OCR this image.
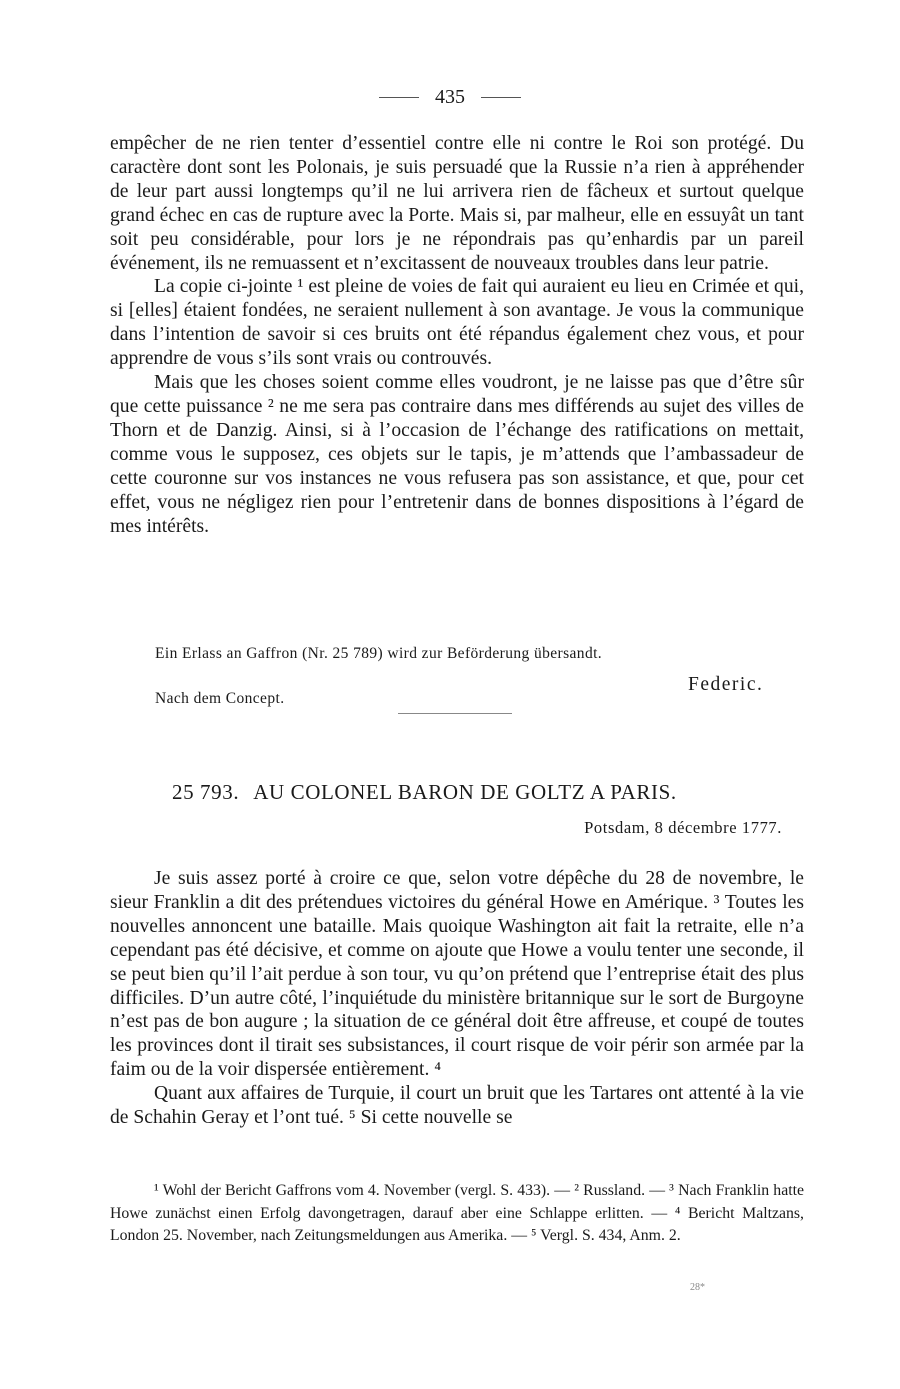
435

empêcher de ne rien tenter d’essentiel contre elle ni contre le Roi son protégé. Du caractère dont sont les Polonais, je suis persuadé que la Russie n’a rien à appréhender de leur part aussi longtemps qu’il ne lui arrivera rien de fâcheux et surtout quelque grand échec en cas de rupture avec la Porte. Mais si, par malheur, elle en essuyât un tant soit peu considérable, pour lors je ne répondrais pas qu’enhardis par un pareil événement, ils ne remuassent et n’excitassent de nouveaux troubles dans leur patrie.

La copie ci-jointe ¹ est pleine de voies de fait qui auraient eu lieu en Crimée et qui, si [elles] étaient fondées, ne seraient nullement à son avantage. Je vous la communique dans l’intention de savoir si ces bruits ont été répandus également chez vous, et pour apprendre de vous s’ils sont vrais ou controuvés.

Mais que les choses soient comme elles voudront, je ne laisse pas que d’être sûr que cette puissance ² ne me sera pas contraire dans mes différends au sujet des villes de Thorn et de Danzig. Ainsi, si à l’occasion de l’échange des ratifications on mettait, comme vous le supposez, ces objets sur le tapis, je m’attends que l’ambassadeur de cette couronne sur vos instances ne vous refusera pas son assistance, et que, pour cet effet, vous ne négligez rien pour l’entretenir dans de bonnes dispositions à l’égard de mes intérêts.

Ein Erlass an Gaffron (Nr. 25 789) wird zur Beförderung übersandt.
Federic.
Nach dem Concept.
25 793. AU COLONEL BARON DE GOLTZ A PARIS.
Potsdam, 8 décembre 1777.

Je suis assez porté à croire ce que, selon votre dépêche du 28 de novembre, le sieur Franklin a dit des prétendues victoires du général Howe en Amérique. ³ Toutes les nouvelles annoncent une bataille. Mais quoique Washington ait fait la retraite, elle n’a cependant pas été décisive, et comme on ajoute que Howe a voulu tenter une seconde, il se peut bien qu’il l’ait perdue à son tour, vu qu’on prétend que l’entreprise était des plus difficiles. D’un autre côté, l’inquiétude du ministère britannique sur le sort de Burgoyne n’est pas de bon augure ; la situation de ce général doit être affreuse, et coupé de toutes les provinces dont il tirait ses subsistances, il court risque de voir périr son armée par la faim ou de la voir dispersée entièrement. ⁴

Quant aux affaires de Turquie, il court un bruit que les Tartares ont attenté à la vie de Schahin Geray et l’ont tué. ⁵ Si cette nouvelle se

¹ Wohl der Bericht Gaffrons vom 4. November (vergl. S. 433). — ² Russland. — ³ Nach Franklin hatte Howe zunächst einen Erfolg davongetragen, darauf aber eine Schlappe erlitten. — ⁴ Bericht Maltzans, London 25. November, nach Zeitungsmeldungen aus Amerika. — ⁵ Vergl. S. 434, Anm. 2.

28*
